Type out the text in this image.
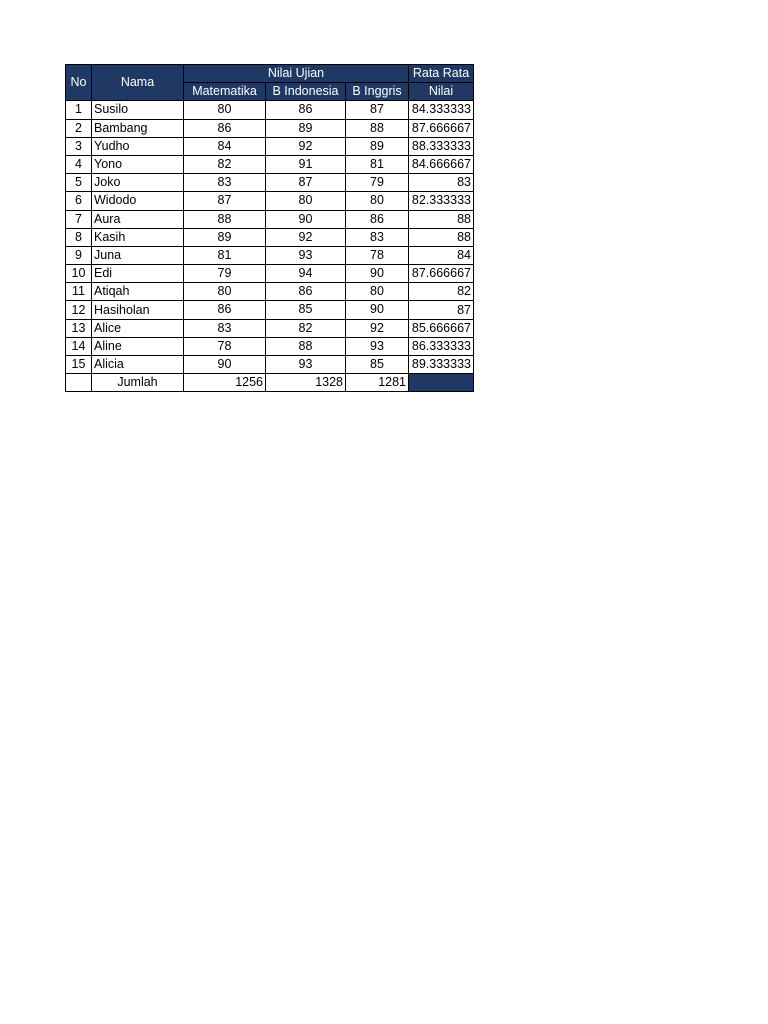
No	Nama	Nilai Ujian			Rata Rata
		Matematika	B Indonesia	B Inggris	Nilai
1	Susilo	80	86	87	84.333333
2	Bambang	86	89	88	87.666667
3	Yudho	84	92	89	88.333333
4	Yono	82	91	81	84.666667
5	Joko	83	87	79	83
6	Widodo	87	80	80	82.333333
7	Aura	88	90	86	88
8	Kasih	89	92	83	88
9	Juna	81	93	78	84
10	Edi	79	94	90	87.666667
11	Atiqah	80	86	80	82
12	Hasiholan	86	85	90	87
13	Alice	83	82	92	85.666667
14	Aline	78	88	93	86.333333
15	Alicia	90	93	85	89.333333
	Jumlah	1256	1328	1281	
